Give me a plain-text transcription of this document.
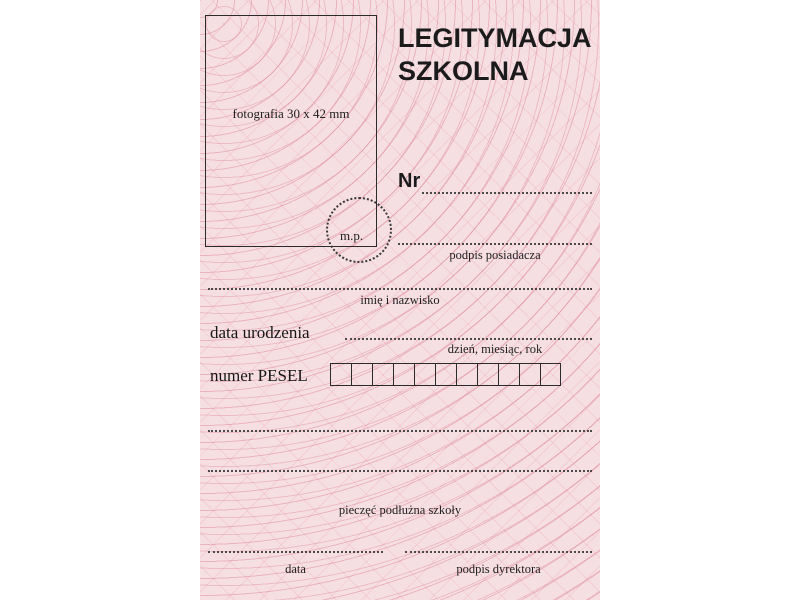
fotografia 30 x 42 mm
LEGITYMACJA
SZKOLNA
Nr
m.p.
podpis posiadacza
imię i nazwisko
data urodzenia
dzień, miesiąc, rok
numer PESEL
pieczęć podłużna szkoły
data	podpis dyrektora
